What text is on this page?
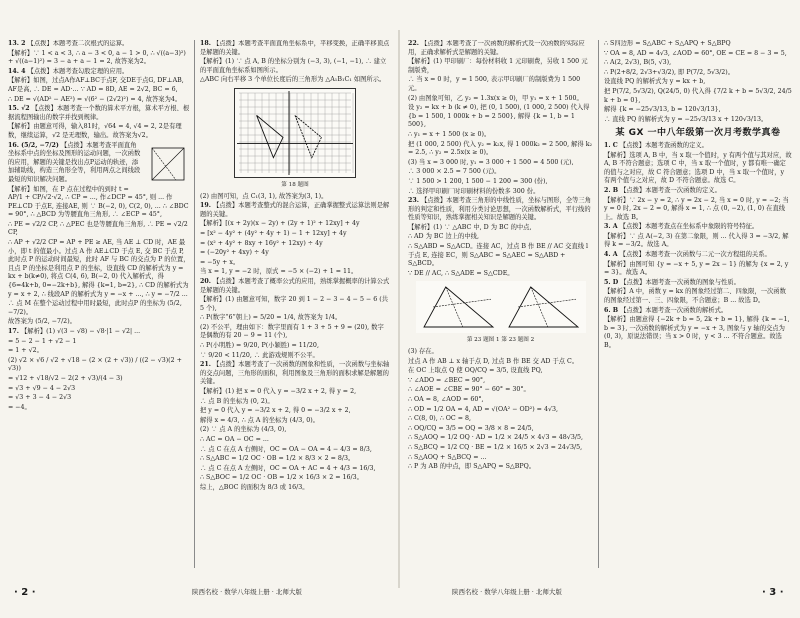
13. 2 【点拨】本题考查二次根式的运算。
【解析】∵ 1 < a < 3, ∴ a − 3 < 0, a − 1 > 0, ∴ √((a−3)²) + √((a−1)²) = 3 − a + a − 1 = 2, 故答案为2。
14. 4 【点拨】本题考查勾股定理的应用。
【解析】如图，过点A作AF⊥BC于点F, 交DE于点G, DF⊥AB, AF是高, ∴ DE = AD·… ∵ AD = 8D, AE = 2√2, BC = 6,
∴ DE = √(AD² − AE²) = √(6² − (2√2)²) = 4, 故答案为4。
15. √2 【点拨】本题考查一个数的算术平方根，算术平方根、根据流程图输出的数字并找到规律。
【解析】由题意可得，输入81时，√64 = 4, √4 = 2, 2是有理数，继续运算，√2 是无理数，输出。故答案为√2。
16. (5/2, −7/2) 【点拨】本题考查平面直角坐标系中点的坐标及图形的运动问题，一次函数的应用，解题的关键是找出点P运动的轨迹，添加辅助线，构造三角形全等，利用两点之间线段最短的知识解决问题。
【解析】如图，在 P 点在过程中的到时 t = AP/1 + CP/√2·√2, ∴ CP = ..., 作∠DCP = 45°, 则 ... 作 PE⊥CD 于点E, 连接AE, 则 ∵ B(−2, 0), C(2, 0), ... ∴ ∠BDC = 90°, ∴ △BCD 为等腰直角三角形, ∴ ∠ECP = 45°,
∴ PE = √2/2 CP, ∴ △PEC 也是等腰直角三角形, ∴ PE = √2/2 CP,
∴ AP + √2/2 CP = AP + PE ≥ AE, 当 AE ⊥ CD 时，AE 最小，即 t 的值最小。过点 A 作 AE⊥CD 于点 E, 交 BC 于点 P, 此时点 P 的运动时间最短，此时 AF 与 BC 的交点为 P 的位置，且点 P 的坐标是利用点 P 的坐标，设直线 CD 的解析式为 y = kx + b(k≠0), 将点 C(4, 6), B(−2, 0) 代入解析式，得 {6=4k+b, 0=−2k+b}, 解得 {k=1, b=2}, ∴ CD 的解析式为 y = x + 2, ∴ 线段AP 的解析式为 y = −x + ..., ∴ y = −7/2 ...
∴ 点 M 在整个运动过程中用时最短，此时点P 的坐标为 (5/2, −7/2)。
故答案为 (5/2, −7/2)。
17. 【解析】(1) √(3 − √8) − √8·|1 − √2| ...
= 5 − 2 − 1 + √2 − 1
= 1 + √2。
(2) √2 × √6 / √2 + √18 − (2 × (2 + √3)) / ((2 − √3)(2 + √3))
= √12 + √18/√2 − 2(2 + √3)/(4 − 3)
= √3 + √9 − 4 − 2√3
= √3 + 3 − 4 − 2√3
= −4。
18. 【点拨】本题考查平面直角坐标系中，平移变换，正确平移顶点是解题的关键。
【解析】(1) ∵ 点 A, B 的坐标分别为 (−3, 3), (−1, −1), ∴ 建立的平面直角坐标系如图所示。
△ABC 向右平移 3 个单位长度后的三角形为 △A₁B₁C₁ 如图所示。
第 18 题图
(2) 由图可知，点 C₁(3, 1), 故答案为(3, 1)。
19. 【点拨】本题考查整式的混合运算，正确掌握整式运算法则是解题的关键。
【解析】[(x + 2y)(x − 2y) + (2y + 1)² + 12xy] + 4y
= [x² − 4y² + (4y² + 4y + 1) − 1 + 12xy] + 4y
= (x² + 4y² + 8xy + 16y² + 12xy) ÷ 4y
= (−20y² + 4xy) ÷ 4y
= −5y + x。
当 x = 1, y = −2 时，原式 = −5 × (−2) + 1 = 11。
20. 【点拨】本题考查了概率公式的应用，熟练掌握概率的计算公式是解题的关键。
【解析】(1) 由题意可知，数字 20 到 1 − 2 − 3 − 4 − 5 − 6 (共 5 个),
∴ P(数字“6”朝上) = 5/20 = 1/4, 故答案为 1/4。
(2) 不公平，理由如下：数字里面有 1 + 3 + 5 + 9 = (20), 数字是偶数的有 20 − 9 = 11 (个),
∴ P(小明胜) = 9/20, P(小颖胜) = 11/20,
∵ 9/20 < 11/20, ∴ 此游戏规则不公平。
21. 【点拨】本题考查了一次函数的图象和性质，一次函数与坐标轴的交点问题，三角形的面积，利用图象及三角形的面积求解是解题的关键。
【解析】(1) 把 x = 0 代入 y = −3/2 x + 2, 得 y = 2,
∴ 点 B 的坐标为 (0, 2)。
把 y = 0 代入 y = −3/2 x + 2, 得 0 = −3/2 x + 2,
解得 x = 4/3, ∴ 点 A 的坐标为 (4/3, 0)。
(2) ∵ 点 A 的坐标为 (4/3, 0),
∴ AC = OA − OC = ...
∴ 点 C 在点 A 右侧时，OC = OA − OA = 4 − 4/3 = 8/3,
∴ S△ABC = 1/2 OC · OB = 1/2 × 8/3 × 2 = 8/3。
∴ 点 C 在点 A 左侧时，OC = OA + AC = 4 + 4/3 = 16/3,
∴ S△BOC = 1/2 OC · OB = 1/2 × 16/3 × 2 = 16/3。
综上，△BOC 的面积为 8/3 或 16/3。
22. 【点拨】本题考查了一次函数的解析式及一次函数的实际应用，正确求解析式是解题的关键。
【解析】(1) 甲印刷厂：每份材料收 1 元印刷费，另收 1 500 元制版费，
∴ 当 x = 0 时，y = 1 500, 表示甲印刷厂的制版费为 1 500 元。
(2) 由图象可知，乙 y₂ = 1.3x(x ≥ 0)，甲 y₁ = x + 1 500。
设 y₂ = kx + b (k ≠ 0), 把 (0, 1 500), (1 000, 2 500) 代入得 {b = 1 500, 1 000k + b = 2 500}, 解得 {k = 1, b = 1 500},
∴ y₁ = x + 1 500 (x ≥ 0)。
把 (1 000, 2 500) 代入 y₂ = k₂x, 得 1 000k₂ = 2 500, 解得 k₂ = 2.5, ∴ y₂ = 2.5x(x ≥ 0)。
(3) 当 x = 3 000 时, y₁ = 3 000 + 1 500 = 4 500 (元),
∴ 3 000 × 2.5 = 7 500 (元)。
∵ 1 500 > 1 200, 1 500 − 1 200 = 300 (份),
∴ 选择甲印刷厂时印刷材料的份数多 300 份。
23. 【点拨】本题考查三角形的中线性质，坐标与图形，全等三角形的判定和性质，利用分类讨论思想，一次函数解析式，平行线的性质等知识，熟练掌握相关知识是解题的关键。
【解析】(1) ∵ △ABC 中, D 为 BC 的中点,
∴ AD 为 BC 边上的中线,
∴ S△ABD = S△ACD。连接 AC，过点 B 作 BE // AC 交直线 l 于点 E, 连接 EC，则 S△ABC = S△AEC = S△ABD + S△BCD。
∵ DE // AC, ∴ S△ADE = S△CDE。
第 23 题图 1 第 23 题图 2
(3) 存在。
过点 A 作 AB ⊥ x 轴于点 D, 过点 B 作 BE 交 AD 于点 C。
在 OC 上取点 Q 使 OQ/CQ = 3/5, 设直线 PQ,
∵ ∠ADO = ∠BEC = 90°,
∴ ∠AOE = ∠CBE = 90° − 60° = 30°。
∴ OA = 8, ∠AOD = 60°,
∴ OD = 1/2 OA = 4, AD = √(OA² − OD²) = 4√3,
∴ C(8, 0), ∴ OC = 8,
∴ OQ/CQ = 3/5 ⇒ OQ = 3/8 × 8 = 24/5,
∴ S△AOQ = 1/2 OQ · AD = 1/2 × 24/5 × 4√3 = 48√3/5,
∴ S△BCQ = 1/2 CQ · BE = 1/2 × 16/5 × 2√3 = 24√3/5,
∴ S△AOQ + S△BCQ = ...
∴ P 为 AB 的中点，即 S△APQ = S△BPQ。
∴ S四边形 = S△ABC + S△APQ + S△BPQ
∵ OA = 8, AD = 4√3, ∠AOD = 60°, OE = CE = 8 − 3 = 5,
∴ A(2, 2√3), B(5, √3),
∴ P(2+8/2, 2√3+√3/2), 即 P(7/2, 5√3/2)。
设直线 PQ 的解析式为 y = kx + b,
把 P(7/2, 5√3/2), Q(24/5, 0) 代入得 {7/2 k + b = 5√3/2, 24/5 k + b = 0},
解得 {k = −25√3/13, b = 120√3/13},
∴ 直线 PQ 的解析式为 y = −25√3/13 x + 120√3/13。
某 GX 一中八年级第一次月考数学真卷
1. C 【点拨】本题考查函数的定义。
【解析】选项 A, B 中，当 x 取一个值时，y 有两个值与其对应，故 A, B 不符合题意；选项 C 中，当 x 取一个值时，y 都有唯一确定的值与之对应，故 C 符合题意；选项 D 中，当 x 取一个值时，y 有两个值与之对应，故 D 不符合题意。故选 C。
2. B 【点拨】本题考查一次函数的定义。
【解析】∵ 2x − y = 2, ∴ y = 2x − 2, 当 x = 0 时, y = −2; 当 y = 0 时, 2x − 2 = 0, 解得 x = 1, ∴ 点 (0, −2), (1, 0) 在直线上。故选 B。
3. A 【点拨】本题考查点在坐标系中象限的符号特征。
【解析】∵ 点 A(−2, 3) 在第二象限，则 ... 代入得 3 = −3/2, 解得 k = −3/2。故选 A。
4. A 【点拨】本题考查一次函数与二元一次方程组的关系。
【解析】由图可知 {y = −x + 5, y = 2x − 1} 的解为 {x = 2, y = 3}。故选 A。
5. D 【点拨】本题考查一次函数的图象与性质。
【解析】A 中，函数 y = kx 的图象经过第二、四象限，一次函数的图象经过第一、三、四象限，不合题意；B ... 故选 D。
6. B 【点拨】本题考查一次函数的解析式。
【解析】由题意得 {−2k + b = 5, 2k + b = 1}, 解得 {k = −1, b = 3}, 一次函数的解析式为 y = −x + 3, 图象与 y 轴的交点为 (0, 3)，原说法错误；当 x > 0 时，y < 3 ... 不符合题意。故选 B。
· 2 ·	陕西名校 · 数学八年级上册 · 北师大版	陕西名校 · 数学八年级上册 · 北师大版	· 3 ·
